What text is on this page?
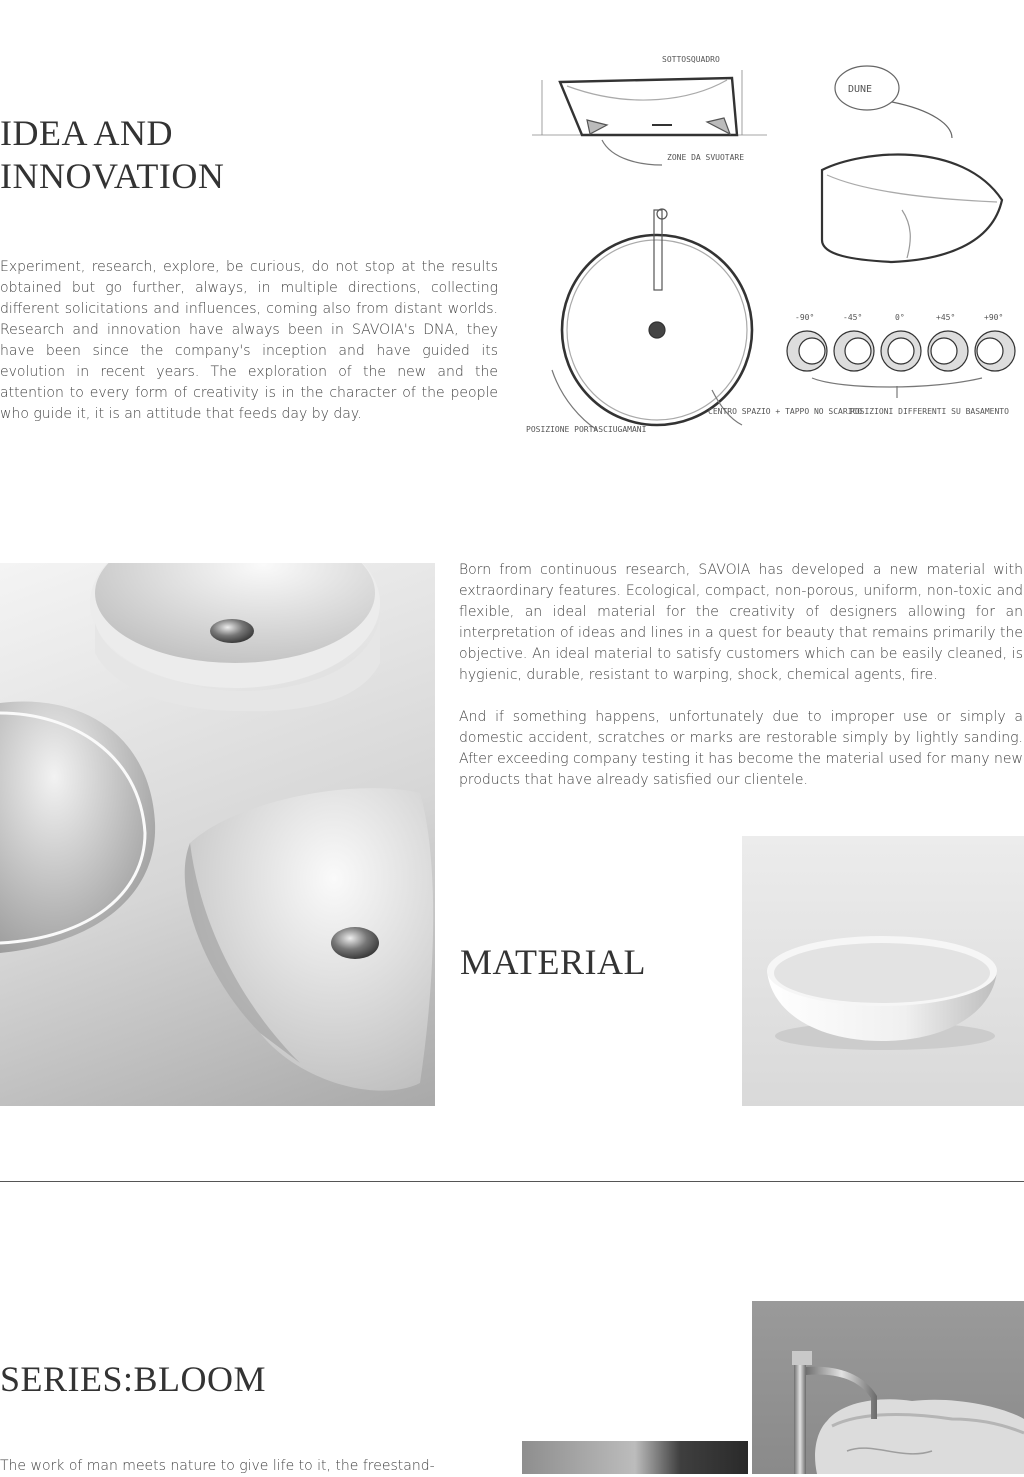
IDEA AND
INNOVATION

Experiment, research, explore, be curious, do not stop at the results obtained but go further, always, in multiple directions, collecting different solicitations and influences, coming also from distant worlds. Research and innovation have always been in SAVOIA's DNA, they have been since the company's inception and have guided its evolution in recent years. The exploration of the new and the attention to every form of creativity is in the character of the people who guide it, it is an attitude that feeds day by day.

SOTTOSQUADRO
ZONE DA SVUOTARE
DUNE
-90°	-45°	0°	+45°	+90°
POSIZIONI DIFFERENTI SU BASAMENTO
POSIZIONE PORTASCIUGAMANI
CENTRO SPAZIO + TAPPO NO SCARICO

Born from continuous research, SAVOIA has developed a new material with extraordinary features. Ecological, compact, non-porous, uniform, non-toxic and flexible, an ideal material for the creativity of designers allowing for an interpretation of ideas and lines in a quest for beauty that remains primarily the objective. An ideal material to satisfy customers which can be easily cleaned, is hygienic, durable, resistant to warping, shock, chemical agents, fire.

And if something happens, unfortunately due to improper use or simply a domestic accident, scratches or marks are restorable simply by lightly sanding. After exceeding company testing it has become the material used for many new products that have already satisfied our clientele.

MATERIAL
SERIES:BLOOM

The work of man meets nature to give life to it, the freestand-
